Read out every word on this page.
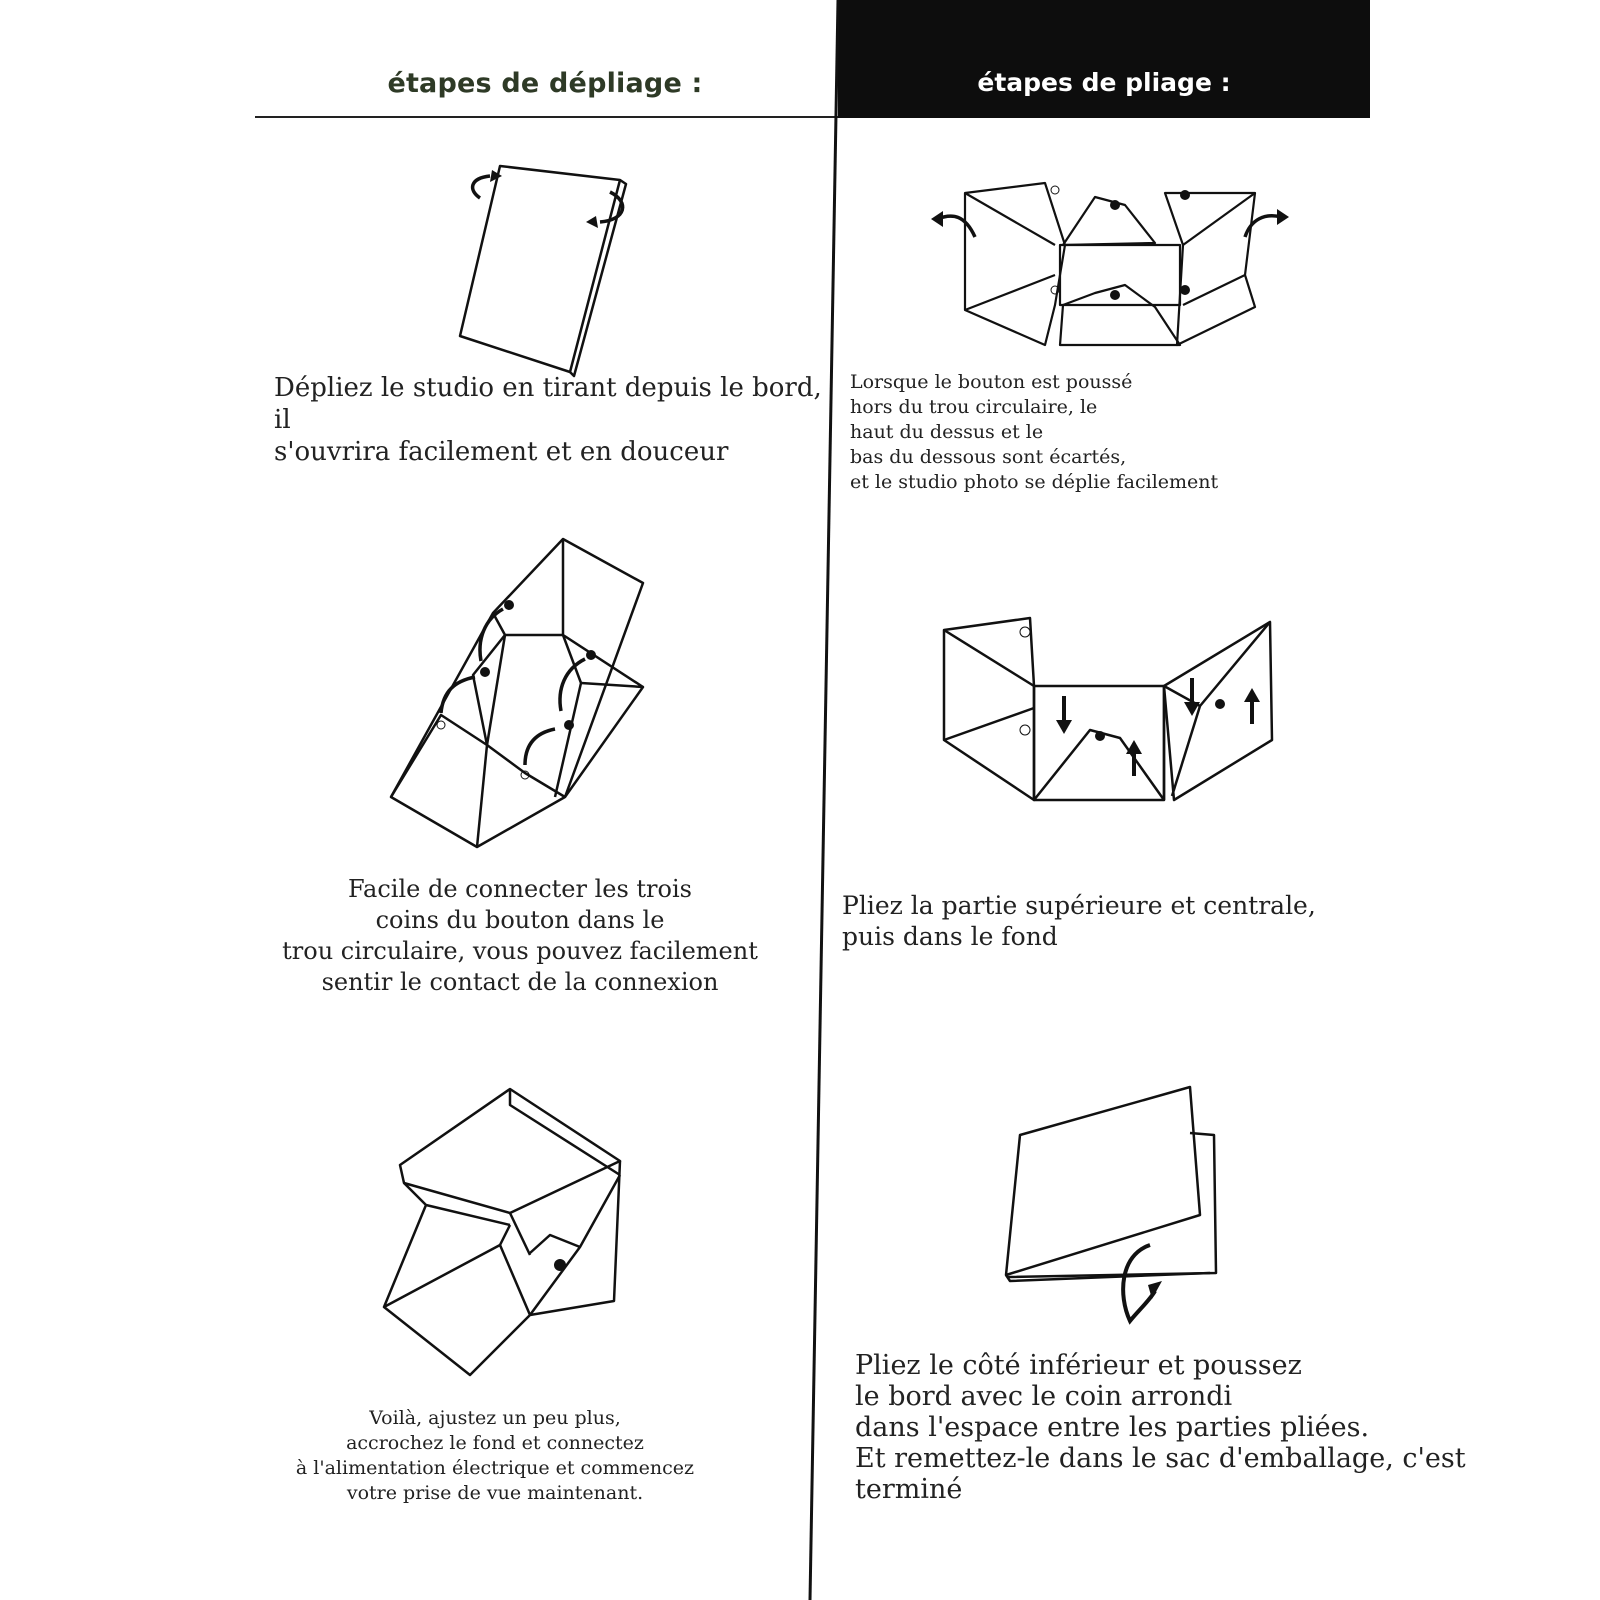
étapes de dépliage :	étapes de pliage :
Dépliez le studio en tirant depuis le bord, il
s'ouvrira facilement et en douceur
Lorsque le bouton est poussé
hors du trou circulaire, le
haut du dessus et le
bas du dessous sont écartés,
et le studio photo se déplie facilement
Facile de connecter les trois
coins du bouton dans le
trou circulaire, vous pouvez facilement
sentir le contact de la connexion
Pliez la partie supérieure et centrale,
puis dans le fond
Voilà, ajustez un peu plus,
accrochez le fond et connectez
à l'alimentation électrique et commencez
votre prise de vue maintenant.
Pliez le côté inférieur et poussez
le bord avec le coin arrondi
dans l'espace entre les parties pliées.
Et remettez-le dans le sac d'emballage, c'est terminé
